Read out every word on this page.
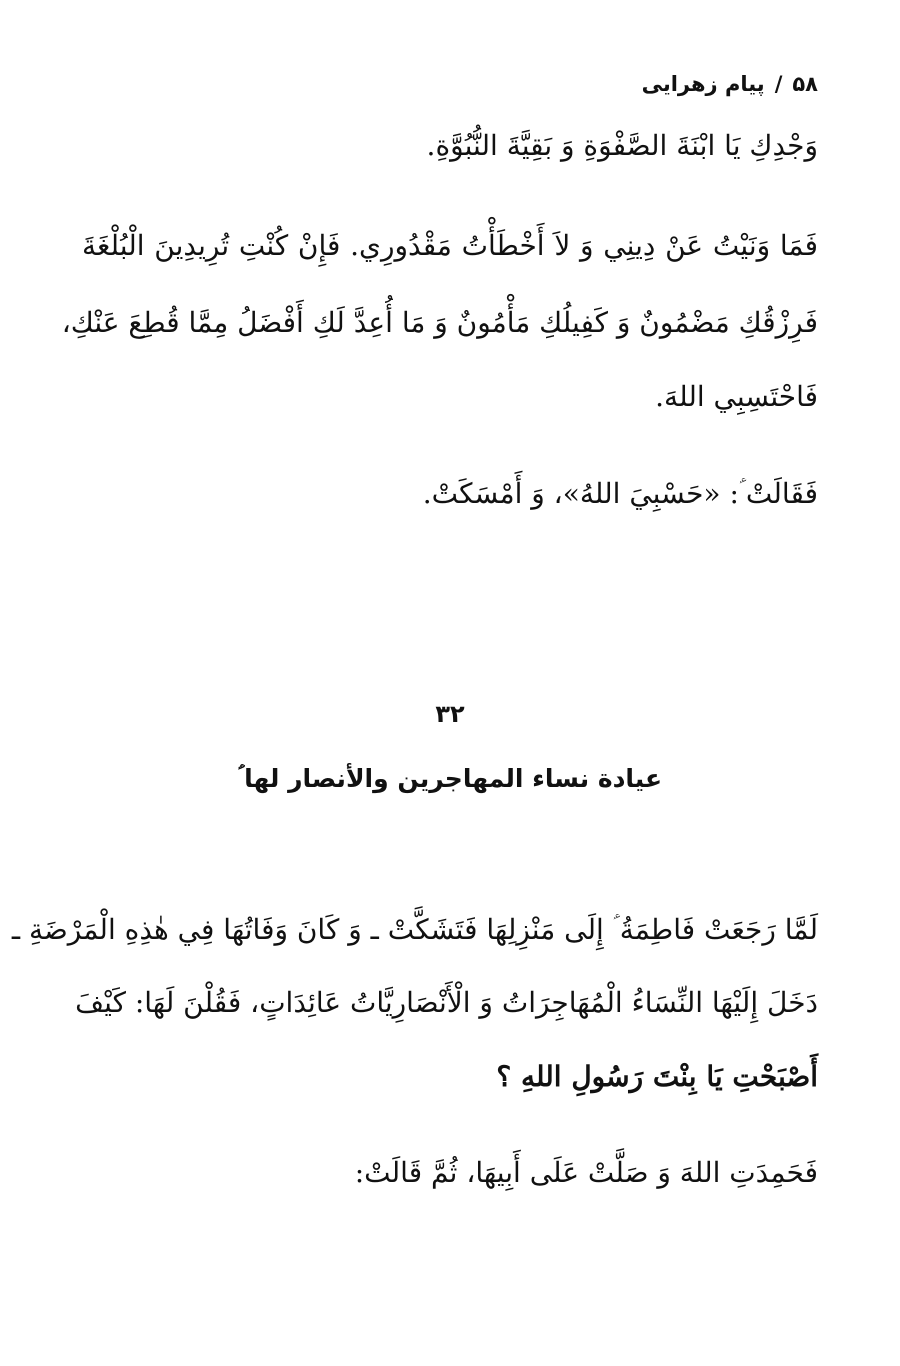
۵۸/پیام زهرایی
وَجْدِكِ يَا ابْنَةَ الصَّفْوَةِ وَ بَقِيَّةَ النُّبُوَّةِ.
فَمَا وَنَيْتُ عَنْ دِينِي وَ لاَ أَخْطَأْتُ مَقْدُورِي. فَإِنْ كُنْتِ تُرِيدِينَ الْبُلْغَةَ
فَرِزْقُكِ مَضْمُونٌ وَ كَفِيلُكِ مَأْمُونٌ وَ مَا أُعِدَّ لَكِ أَفْضَلُ مِمَّا قُطِعَ عَنْكِ،
فَاحْتَسِبِي اللهَ.
فَقَالَتْ ؑ: «حَسْبِيَ اللهُ»، وَ أَمْسَكَتْ.
۳۲
عیادة نساء المهاجرین والأنصار لها ؑ
لَمَّا رَجَعَتْ فَاطِمَةُ ؑ إِلَى مَنْزِلِهَا فَتَشَكَّتْ ـ وَ كَانَ وَفَاتُهَا فِي هٰذِهِ الْمَرْضَةِ ـ
دَخَلَ إِلَيْهَا النِّسَاءُ الْمُهَاجِرَاتُ وَ الْأَنْصَارِيَّاتُ عَائِدَاتٍ، فَقُلْنَ لَهَا: كَيْفَ
أَصْبَحْتِ يَا بِنْتَ رَسُولِ اللهِ ؟
فَحَمِدَتِ اللهَ وَ صَلَّتْ عَلَى أَبِيهَا، ثُمَّ قَالَتْ:
